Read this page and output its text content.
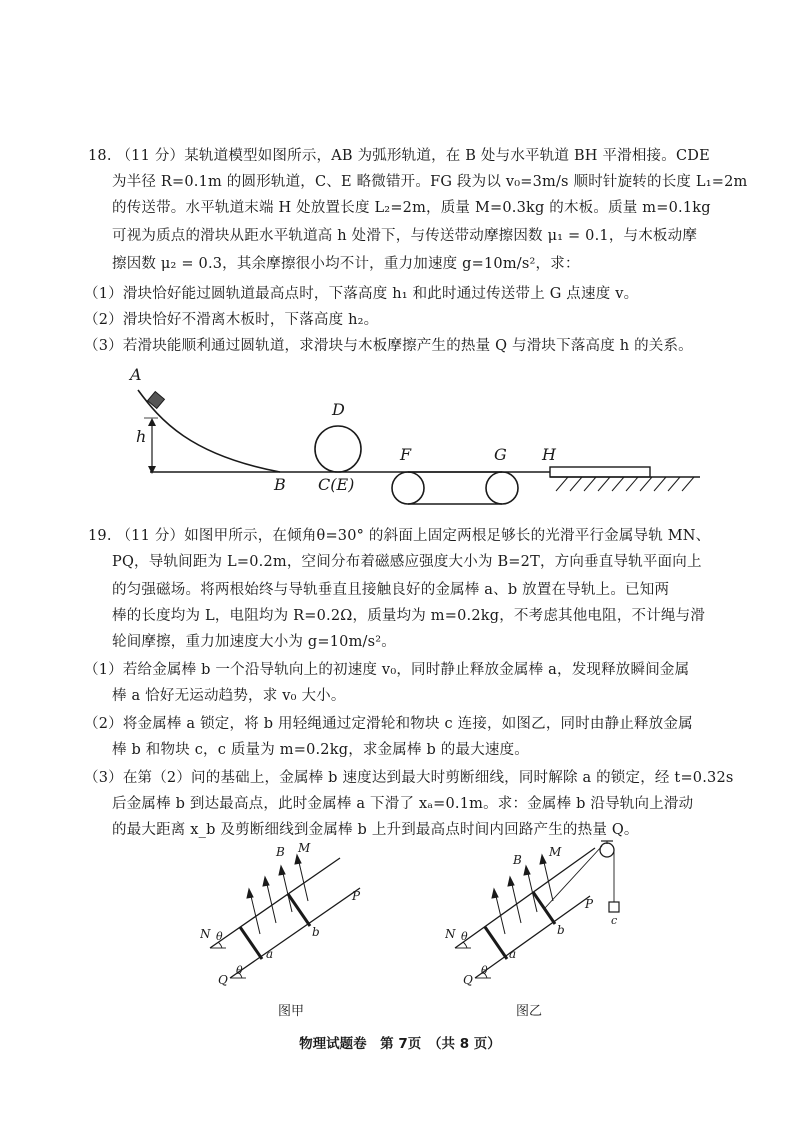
18. （11 分）某轨道模型如图所示，AB 为弧形轨道，在 B 处与水平轨道 BH 平滑相接。CDE
为半径 R=0.1m 的圆形轨道，C、E 略微错开。FG 段为以 v₀=3m/s 顺时针旋转的长度 L₁=2m
的传送带。水平轨道末端 H 处放置长度 L₂=2m，质量 M=0.3kg 的木板。质量 m=0.1kg
可视为质点的滑块从距水平轨道高 h 处滑下，与传送带动摩擦因数 μ₁ = 0.1，与木板动摩
擦因数 μ₂ = 0.3，其余摩擦很小均不计，重力加速度 g=10m/s²，求：
（1）滑块恰好能过圆轨道最高点时，下落高度 h₁ 和此时通过传送带上 G 点速度 v。
（2）滑块恰好不滑离木板时，下落高度 h₂。
（3）若滑块能顺利通过圆轨道，求滑块与木板摩擦产生的热量 Q 与滑块下落高度 h 的关系。
A
h
D
F	G H
B C(E)
19. （11 分）如图甲所示，在倾角θ=30° 的斜面上固定两根足够长的光滑平行金属导轨 MN、
PQ，导轨间距为 L=0.2m，空间分布着磁感应强度大小为 B=2T，方向垂直导轨平面向上
的匀强磁场。将两根始终与导轨垂直且接触良好的金属棒 a、b 放置在导轨上。已知两
棒的长度均为 L，电阻均为 R=0.2Ω，质量均为 m=0.2kg，不考虑其他电阻，不计绳与滑
轮间摩擦，重力加速度大小为 g=10m/s²。
（1）若给金属棒 b 一个沿导轨向上的初速度 v₀，同时静止释放金属棒 a，发现释放瞬间金属
棒 a 恰好无运动趋势，求 v₀ 大小。
（2）将金属棒 a 锁定，将 b 用轻绳通过定滑轮和物块 c 连接，如图乙，同时由静止释放金属
棒 b 和物块 c，c 质量为 m=0.2kg，求金属棒 b 的最大速度。
（3）在第（2）问的基础上，金属棒 b 速度达到最大时剪断细线，同时解除 a 的锁定，经 t=0.32s
后金属棒 b 到达最高点，此时金属棒 a 下滑了 xₐ=0.1m。求：金属棒 b 沿导轨向上滑动
的最大距离 x_b 及剪断细线到金属棒 b 上升到最高点时间内回路产生的热量 Q。
B M
P
N θ
Q
θ
a
b
图甲
B
M
P
N θ
Q
θ
a
b
c
图乙
物理试题卷　第 7页　（共 8 页）
